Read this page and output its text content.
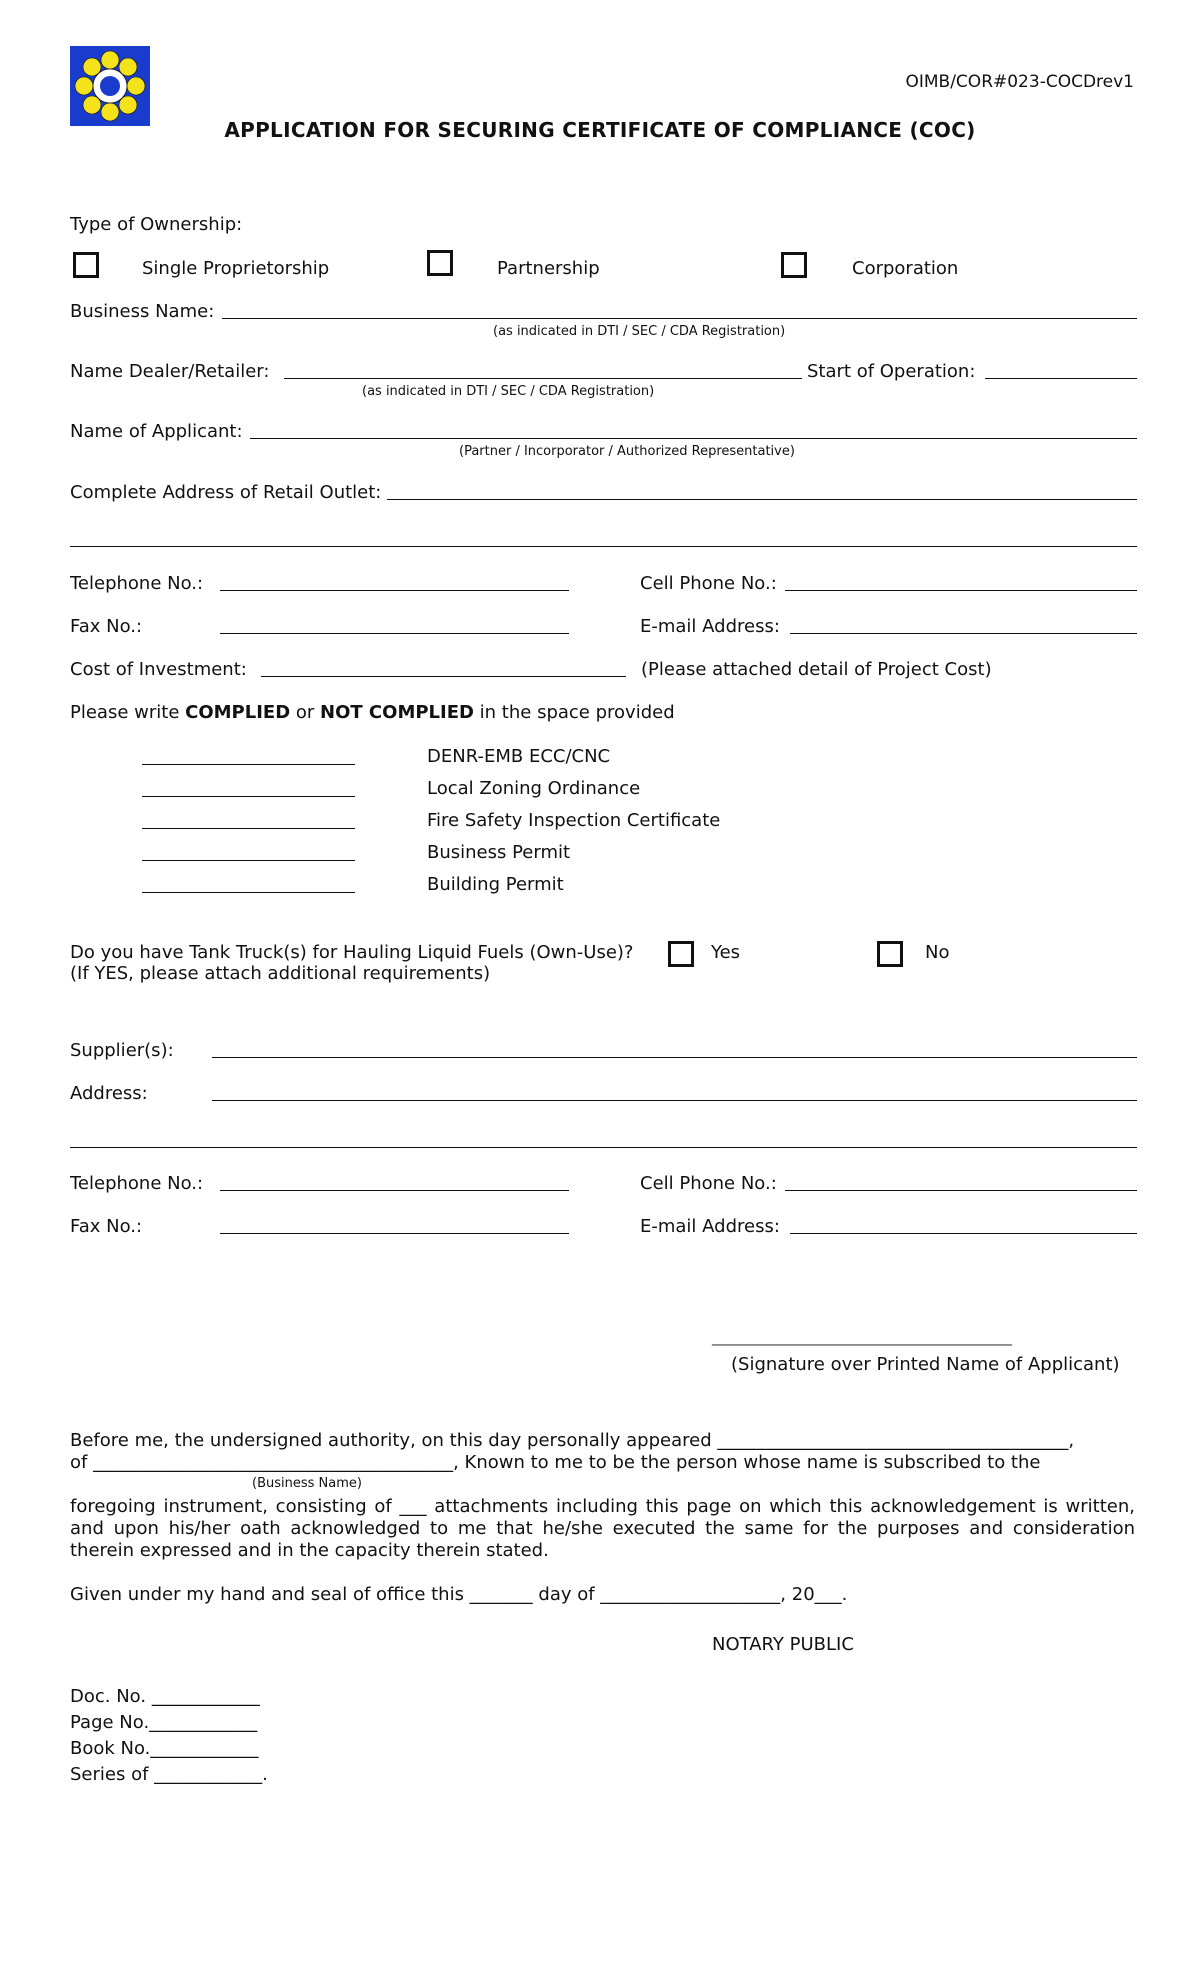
OIMB/COR#023-COCDrev1
APPLICATION FOR SECURING CERTIFICATE OF COMPLIANCE (COC)
Type of Ownership:
Single Proprietorship	Partnership	Corporation
Business Name:
(as indicated in DTI / SEC / CDA Registration)
Name Dealer/Retailer:
(as indicated in DTI / SEC / CDA Registration)
Start of Operation:
Name of Applicant:
(Partner / Incorporator / Authorized Representative)
Complete Address of Retail Outlet:
Telephone No.:	Cell Phone No.:
Fax No.:	E-mail Address:
Cost of Investment:	(Please attached detail of Project Cost)
Please write COMPLIED or NOT COMPLIED in the space provided
DENR-EMB ECC/CNC
Local Zoning Ordinance
Fire Safety Inspection Certificate
Business Permit
Building Permit
Do you have Tank Truck(s) for Hauling Liquid Fuels (Own-Use)?
(If YES, please attach additional requirements)
Yes	No
Supplier(s):
Address:
Telephone No.:	Cell Phone No.:
Fax No.:	E-mail Address:
________________________________________
(Signature over Printed Name of Applicant)
Before me, the undersigned authority, on this day personally appeared _______________________________________,
of ________________________________________, Known to me to be the person whose name is subscribed to the
(Business Name)
foregoing instrument, consisting of ___ attachments including this page on which this acknowledgement is written, and upon his/her oath acknowledged to me that he/she executed the same for the purposes and consideration therein expressed and in the capacity therein stated.
Given under my hand and seal of office this _______ day of ____________________, 20___.
NOTARY PUBLIC
Doc. No. ____________
Page No.____________
Book No.____________
Series of ____________.
